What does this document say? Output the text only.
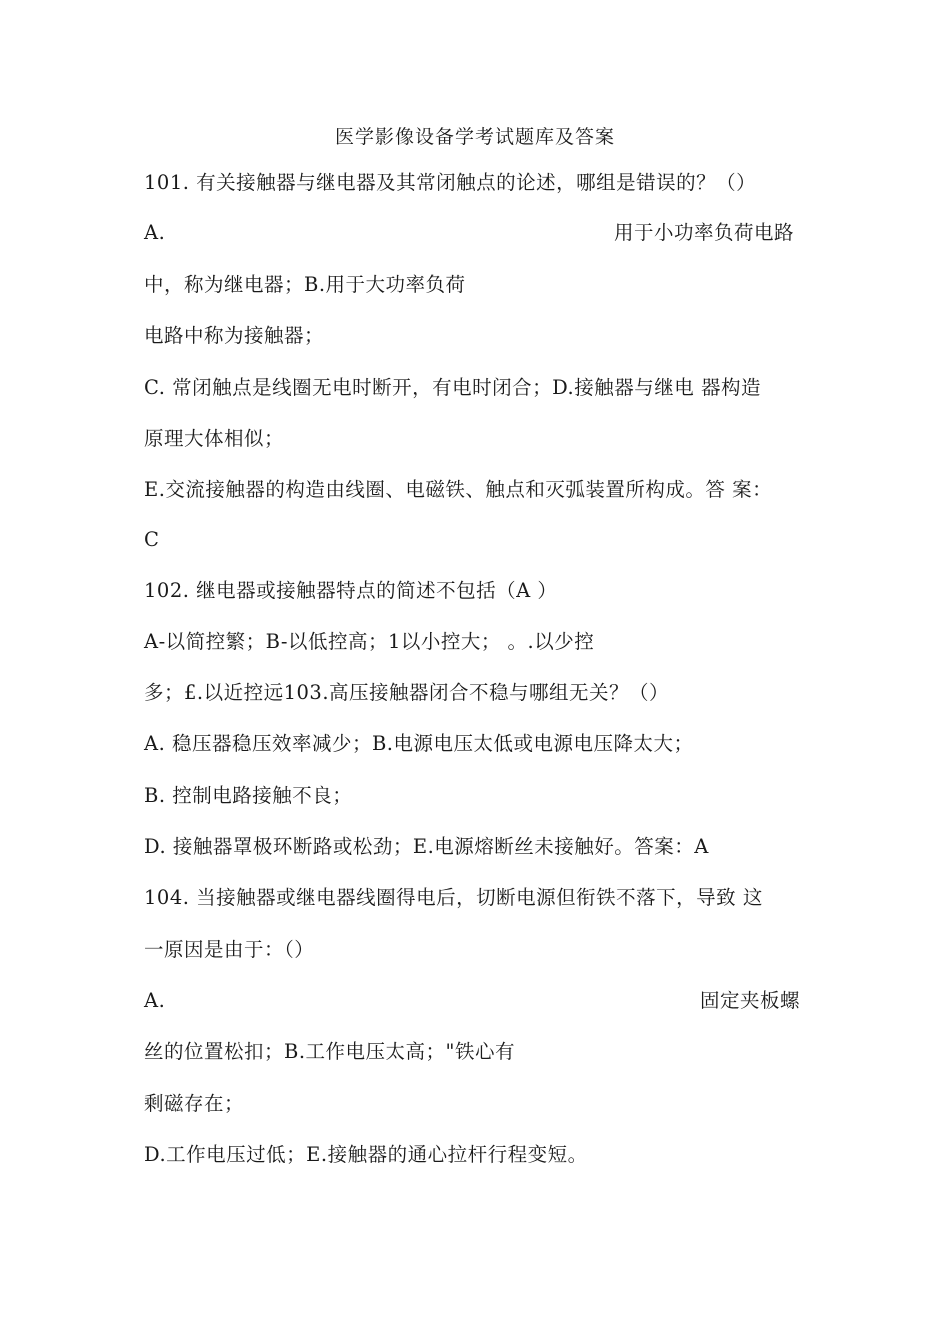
医学影像设备学考试题库及答案
101. 有关接触器与继电器及其常闭触点的论述，哪组是错误的？（）
A.	用于小功率负荷电路
中，称为继电器；B.用于大功率负荷
电路中称为接触器；
C. 常闭触点是线圈无电时断开，有电时闭合；D.接触器与继电 器构造
原理大体相似；
E.交流接触器的构造由线圈、电磁铁、触点和灭弧装置所构成。答 案：
C
102. 继电器或接触器特点的简述不包括（A ）
A-以简控繁；B-以低控高；1以小控大； 。.以少控
多；£.以近控远103.高压接触器闭合不稳与哪组无关？（）
A. 稳压器稳压效率减少；B.电源电压太低或电源电压降太大；
B. 控制电路接触不良；
D. 接触器罩极环断路或松劲；E.电源熔断丝未接触好。答案：A
104. 当接触器或继电器线圈得电后，切断电源但衔铁不落下，导致 这
一原因是由于：（）
A.	固定夹板螺
丝的位置松扣；B.工作电压太高；"铁心有
剩磁存在；
D.工作电压过低；E.接触器的通心拉杆行程变短。
